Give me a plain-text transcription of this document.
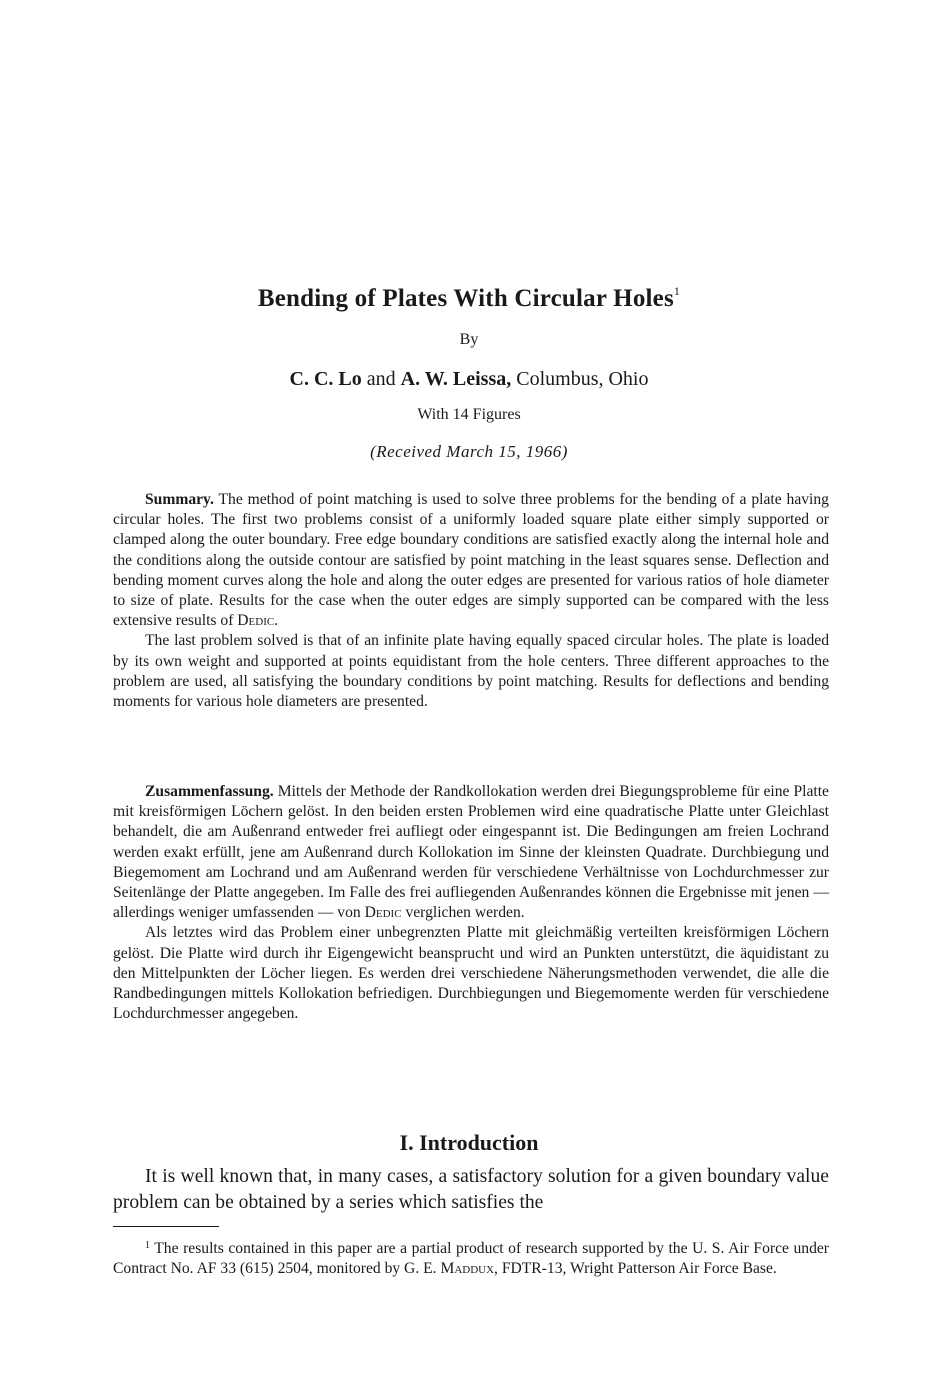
Bending of Plates With Circular Holes$^1$
By
C. C. Lo and A. W. Leissa, Columbus, Ohio
With 14 Figures
(Received March 15, 1966)

Summary. The method of point matching is used to solve three problems for the bending of a plate having circular holes. The first two problems consist of a uniformly loaded square plate either simply supported or clamped along the outer boundary. Free edge boundary conditions are satisfied exactly along the internal hole and the conditions along the outside contour are satisfied by point matching in the least squares sense. Deflection and bending moment curves along the hole and along the outer edges are presented for various ratios of hole diameter to size of plate. Results for the case when the outer edges are simply supported can be compared with the less extensive results of Dedic.

The last problem solved is that of an infinite plate having equally spaced circular holes. The plate is loaded by its own weight and supported at points equidistant from the hole centers. Three different approaches to the problem are used, all satisfying the boundary conditions by point matching. Results for deflections and bending moments for various hole diameters are presented.

Zusammenfassung. Mittels der Methode der Randkollokation werden drei Biegungsprobleme für eine Platte mit kreisförmigen Löchern gelöst. In den beiden ersten Problemen wird eine quadratische Platte unter Gleichlast behandelt, die am Außenrand entweder frei aufliegt oder eingespannt ist. Die Bedingungen am freien Lochrand werden exakt erfüllt, jene am Außenrand durch Kollokation im Sinne der kleinsten Quadrate. Durchbiegung und Biegemoment am Lochrand und am Außenrand werden für verschiedene Verhältnisse von Lochdurchmesser zur Seitenlänge der Platte angegeben. Im Falle des frei aufliegenden Außenrandes können die Ergebnisse mit jenen — allerdings weniger umfassenden — von Dedic verglichen werden.

Als letztes wird das Problem einer unbegrenzten Platte mit gleichmäßig verteilten kreisförmigen Löchern gelöst. Die Platte wird durch ihr Eigengewicht beansprucht und wird an Punkten unterstützt, die äquidistant zu den Mittelpunkten der Löcher liegen. Es werden drei verschiedene Näherungsmethoden verwendet, die alle die Randbedingungen mittels Kollokation befriedigen. Durchbiegungen und Biegemomente werden für verschiedene Lochdurchmesser angegeben.

I. Introduction

It is well known that, in many cases, a satisfactory solution for a given boundary value problem can be obtained by a series which satisfies the

$^1$ The results contained in this paper are a partial product of research supported by the U. S. Air Force under Contract No. AF 33 (615) 2504, monitored by G. E. Maddux, FDTR-13, Wright Patterson Air Force Base.
